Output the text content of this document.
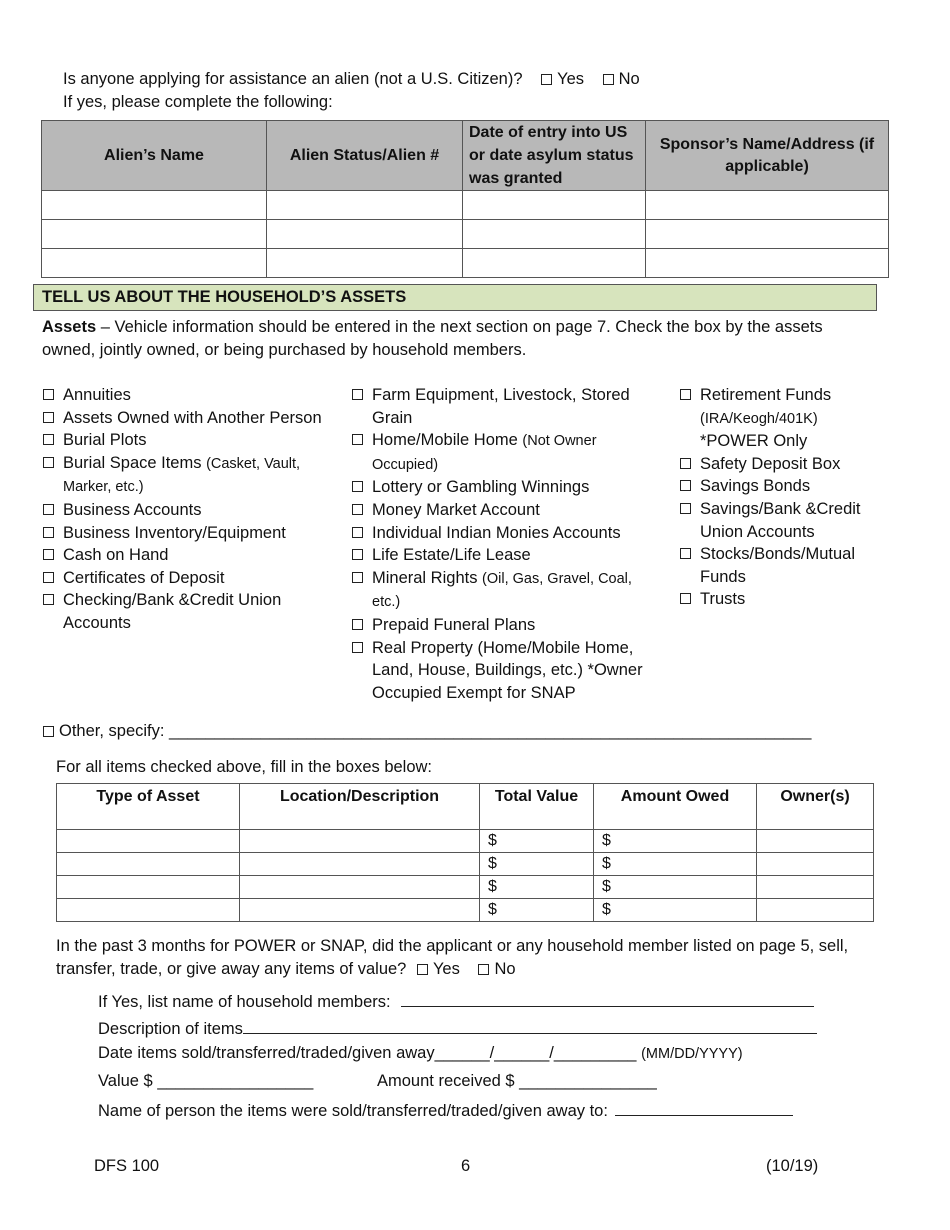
Is anyone applying for assistance an alien (not a U.S. Citizen)? Yes No
If yes, please complete the following:
Alien’s Name	Alien Status/Alien #	Date of entry into US or date asylum status was granted	Sponsor’s Name/Address (if applicable)

TELL US ABOUT THE HOUSEHOLD’S ASSETS
Assets – Vehicle information should be entered in the next section on page 7. Check the box by the assets owned, jointly owned, or being purchased by household members.
Annuities
Assets Owned with Another Person
Burial Plots
Burial Space Items (Casket, Vault, Marker, etc.)
Business Accounts
Business Inventory/Equipment
Cash on Hand
Certificates of Deposit
Checking/Bank &Credit Union Accounts
Farm Equipment, Livestock, Stored Grain
Home/Mobile Home (Not Owner Occupied)
Lottery or Gambling Winnings
Money Market Account
Individual Indian Monies Accounts
Life Estate/Life Lease
Mineral Rights (Oil, Gas, Gravel, Coal, etc.)
Prepaid Funeral Plans
Real Property (Home/Mobile Home, Land, House, Buildings, etc.) *Owner Occupied Exempt for SNAP
Retirement Funds
(IRA/Keogh/401K)
*POWER Only
Safety Deposit Box
Savings Bonds
Savings/Bank &Credit Union Accounts
Stocks/Bonds/Mutual Funds
Trusts
Other, specify: ______________________________________________________________________
For all items checked above, fill in the boxes below:
Type of Asset	Location/Description	Total Value	Amount Owed	Owner(s)
		$	$	
		$	$	
		$	$	
		$	$	
In the past 3 months for POWER or SNAP, did the applicant or any household member listed on page 5, sell, transfer, trade, or give away any items of value? Yes No
If Yes, list name of household members:
Description of items
Date items sold/transferred/traded/given away______/______/_________ (MM/DD/YYYY)
Value $ _________________	Amount received $ _______________
Name of person the items were sold/transferred/traded/given away to:
DFS 100	6	(10/19)
